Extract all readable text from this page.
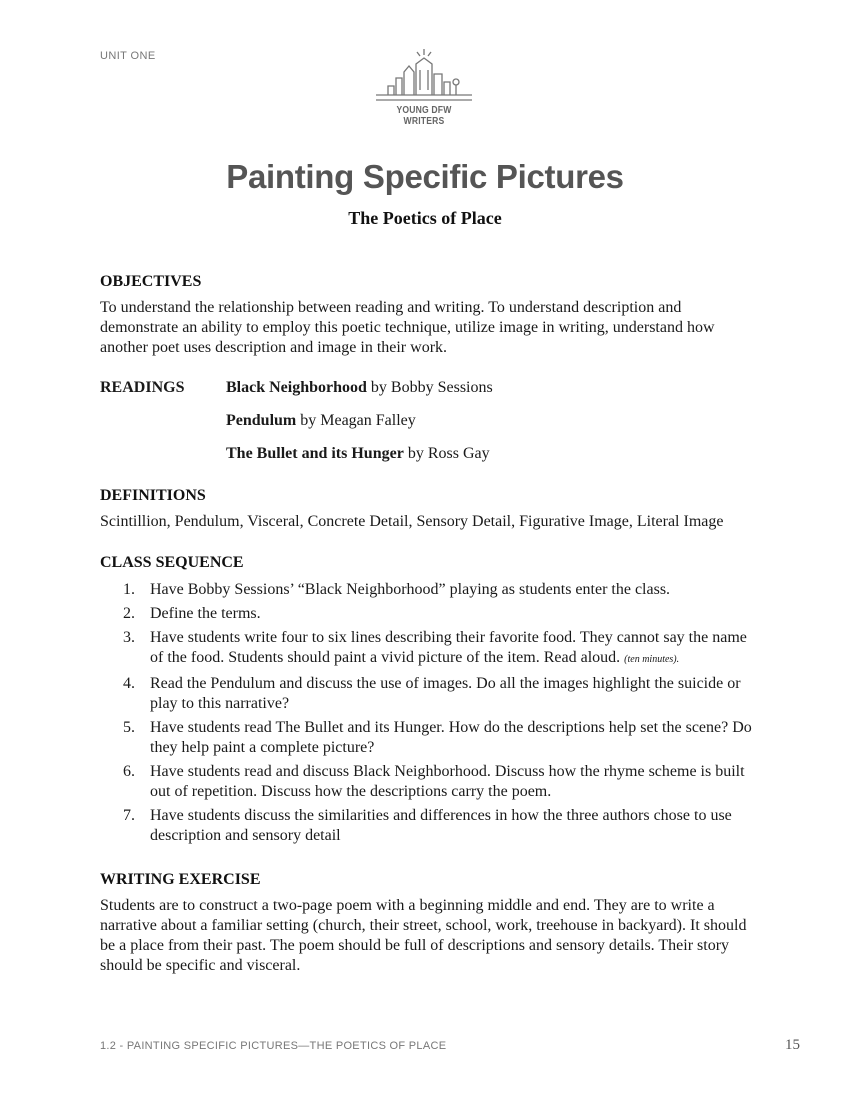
UNIT ONE
YOUNG DFW WRITERS
Painting Specific Pictures
The Poetics of Place
OBJECTIVES
To understand the relationship between reading and writing. To understand description and demonstrate an ability to employ this poetic technique, utilize image in writing, understand how another poet uses description and image in their work.
READINGS	Black Neighborhood by Bobby Sessions
Pendulum by Meagan Falley
The Bullet and its Hunger by Ross Gay
DEFINITIONS
Scintillion, Pendulum, Visceral, Concrete Detail, Sensory Detail, Figurative Image, Literal Image
CLASS SEQUENCE
1. Have Bobby Sessions’ “Black Neighborhood” playing as students enter the class.
2. Define the terms.
3. Have students write four to six lines describing their favorite food. They cannot say the name of the food. Students should paint a vivid picture of the item. Read aloud. (ten minutes).
4. Read the Pendulum and discuss the use of images. Do all the images highlight the suicide or play to this narrative?
5. Have students read The Bullet and its Hunger. How do the descriptions help set the scene? Do they help paint a complete picture?
6. Have students read and discuss Black Neighborhood. Discuss how the rhyme scheme is built out of repetition. Discuss how the descriptions carry the poem.
7. Have students discuss the similarities and differences in how the three authors chose to use description and sensory detail
WRITING EXERCISE
Students are to construct a two-page poem with a beginning middle and end. They are to write a narrative about a familiar setting (church, their street, school, work, treehouse in backyard). It should be a place from their past. The poem should be full of descriptions and sensory details. Their story should be specific and visceral.
1.2 - PAINTING SPECIFIC PICTURES—THE POETICS OF PLACE	15
